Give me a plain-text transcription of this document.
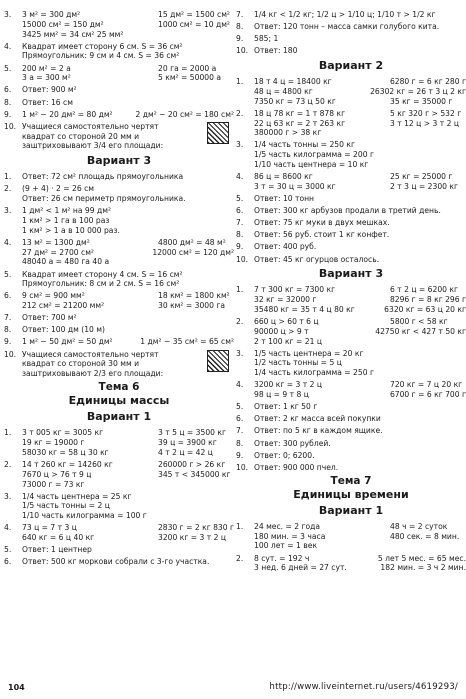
3.	3 м² = 300 дм²	15 дм² = 1500 см²
15000 см² = 150 дм²	1000 см² = 10 дм²
3425 мм² = 34 см² 25 мм²
4.	Квадрат имеет сторону 6 см. S = 36 см²
Прямоугольник: 9 см и 4 см. S = 36 см²
5.	200 м² = 2 а	20 га = 2000 а
3 а = 300 м²	5 км² = 50000 а
6.	Ответ: 900 м²
8.	Ответ: 16 см
9.	1 м² − 20 дм² = 80 дм²	2 дм² − 20 см² = 180 см²
10. Учащиеся самостоятельно чертят
квадрат со стороной 20 мм и
заштриховывают 3/4 его площади:
Вариант 3
1.	Ответ: 72 см² площадь прямоугольника
2.	(9 + 4) · 2 = 26 см
Ответ: 26 см периметр прямоугольника.
3.	1 дм² < 1 м² на 99 дм²
1 км² > 1 га в 100 раз
1 км² > 1 а в 10 000 раз.
4.	13 м² = 1300 дм²	4800 дм² = 48 м²
27 дм² = 2700 см²	12000 см² = 120 дм²
48040 а = 480 га 40 а
5.	Квадрат имеет сторону 4 см. S = 16 см²
Прямоугольник: 8 см и 2 см. S = 16 см²
6.	9 см² = 900 мм²	18 км² = 1800 км²
212 см² = 21200 мм²	30 км² = 3000 га
7.	Ответ: 700 м²
8.	Ответ: 100 дм (10 м)
9.	1 м² − 50 дм² = 50 дм²	1 дм² − 35 см² = 65 см²
10. Учащиеся самостоятельно чертят
квадрат со стороной 30 мм и
заштриховывают 2/3 его площади:
Тема 6
Единицы массы
Вариант 1
1.	3 т 005 кг = 3005 кг	3 т 5 ц = 3500 кг
19 кг = 19000 г	39 ц = 3900 кг
58030 кг = 58 ц 30 кг	4 т 2 ц = 42 ц
2.	14 т 260 кг = 14260 кг	260000 г > 26 кг
7670 ц > 76 т 9 ц	345 т < 345000 кг
73000 г = 73 кг
3.	1/4 часть центнера = 25 кг
1/5 часть тонны = 2 ц
1/10 часть килограмма = 100 г
4.	73 ц = 7 т 3 ц	2830 г = 2 кг 830 г
640 кг = 6 ц 40 кг	3200 кг = 3 т 2 ц
5.	Ответ: 1 центнер
6.	Ответ: 500 кг моркови собрали с 3-го участка.
7.	1/4 кг < 1/2 кг; 1/2 ц > 1/10 ц; 1/10 т > 1/2 кг
8.	Ответ: 120 тонн – масса самки голубого кита.
9.	585; 1
10. Ответ: 180
Вариант 2
1.	18 т 4 ц = 18400 кг	6280 г = 6 кг 280 г
48 ц = 4800 кг	26302 кг = 26 т 3 ц 2 кг
7350 кг = 73 ц 50 кг	35 кг = 35000 г
2.	18 ц 78 кг = 1 т 878 кг	5 кг 320 г > 532 г
22 ц 63 кг = 2 т 263 кг	3 т 12 ц > 3 т 2 ц
380000 г > 38 кг
3.	1/4 часть тонны = 250 кг
1/5 часть килограмма = 200 г
1/10 часть центнера = 10 кг
4.	86 ц = 8600 кг	25 кг = 25000 г
3 т = 30 ц = 3000 кг	2 т 3 ц = 2300 кг
5.	Ответ: 10 тонн
6.	Ответ: 300 кг арбузов продали в третий день.
7.	Ответ: 75 кг муки в двух мешках.
8.	Ответ: 56 руб. стоит 1 кг конфет.
9.	Ответ: 400 руб.
10. Ответ: 45 кг огурцов осталось.
Вариант 3
1.	7 т 300 кг = 7300 кг	6 т 2 ц = 6200 кг
32 кг = 32000 г	8296 г = 8 кг 296 г
35480 кг = 35 т 4 ц 80 кг	6320 кг = 63 ц 20 кг
2.	660 ц > 60 т 6 ц	5800 г < 58 кг
90000 ц > 9 т	42750 кг < 427 т 50 кг
2 т 100 кг = 21 ц
3.	1/5 часть центнера = 20 кг
1/2 часть тонны = 5 ц
1/4 часть килограмма = 250 г
4.	3200 кг = 3 т 2 ц	720 кг = 7 ц 20 кг
98 ц = 9 т 8 ц	6700 г = 6 кг 700 г
5.	Ответ: 1 кг 50 г
6.	Ответ: 2 кг масса всей покупки
7.	Ответ: по 5 кг в каждом ящике.
8.	Ответ: 300 рублей.
9.	Ответ: 0; 6200.
10. Ответ: 900 000 пчел.
Тема 7
Единицы времени
Вариант 1
1.	24 мес. = 2 года	48 ч = 2 суток
180 мин. = 3 часа	480 сек. = 8 мин.
100 лет = 1 век
2.	8 сут. = 192 ч	5 лет 5 мес. = 65 мес.
3 нед. 6 дней = 27 сут.	182 мин. = 3 ч 2 мин.
104	http://www.liveinternet.ru/users/4619293/
